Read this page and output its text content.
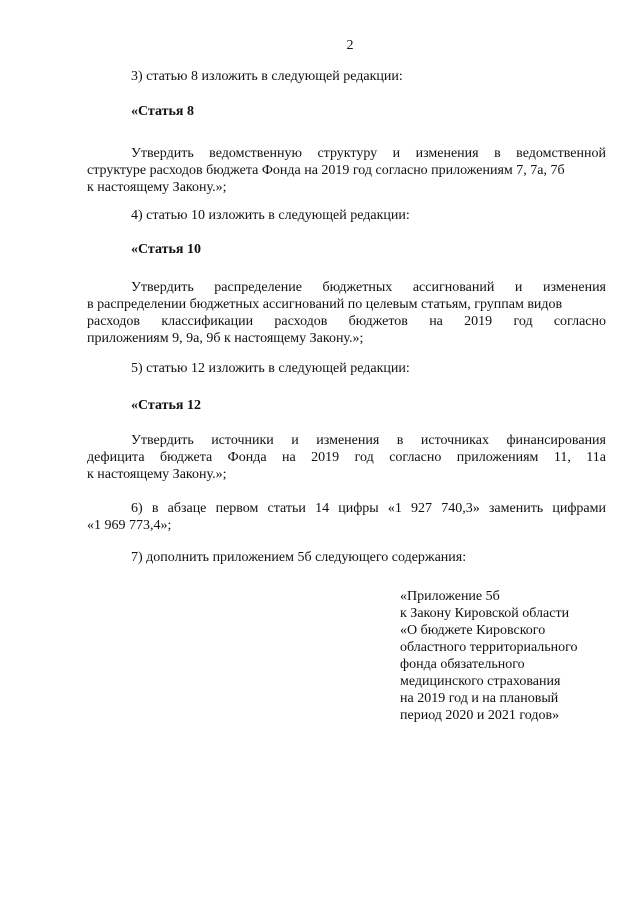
2
3) статью 8 изложить в следующей редакции:
«Статья 8
Утвердить ведомственную структуру и изменения в ведомственной
структуре расходов бюджета Фонда на 2019 год согласно приложениям 7, 7а, 7б
к настоящему Закону.»;
4) статью 10 изложить в следующей редакции:
«Статья 10
Утвердить распределение бюджетных ассигнований и изменения
в распределении бюджетных ассигнований по целевым статьям, группам видов
расходов классификации расходов бюджетов на 2019 год согласно
приложениям 9, 9а, 9б к настоящему Закону.»;
5) статью 12 изложить в следующей редакции:
«Статья 12
Утвердить источники и изменения в источниках финансирования
дефицита бюджета Фонда на 2019 год согласно приложениям 11, 11а
к настоящему Закону.»;
6) в абзаце первом статьи 14 цифры «1 927 740,3» заменить цифрами
«1 969 773,4»;
7) дополнить приложением 5б следующего содержания:
«Приложение 5б
к Закону Кировской области
«О бюджете Кировского
областного территориального
фонда обязательного
медицинского страхования
на 2019 год и на плановый
период 2020 и 2021 годов»
